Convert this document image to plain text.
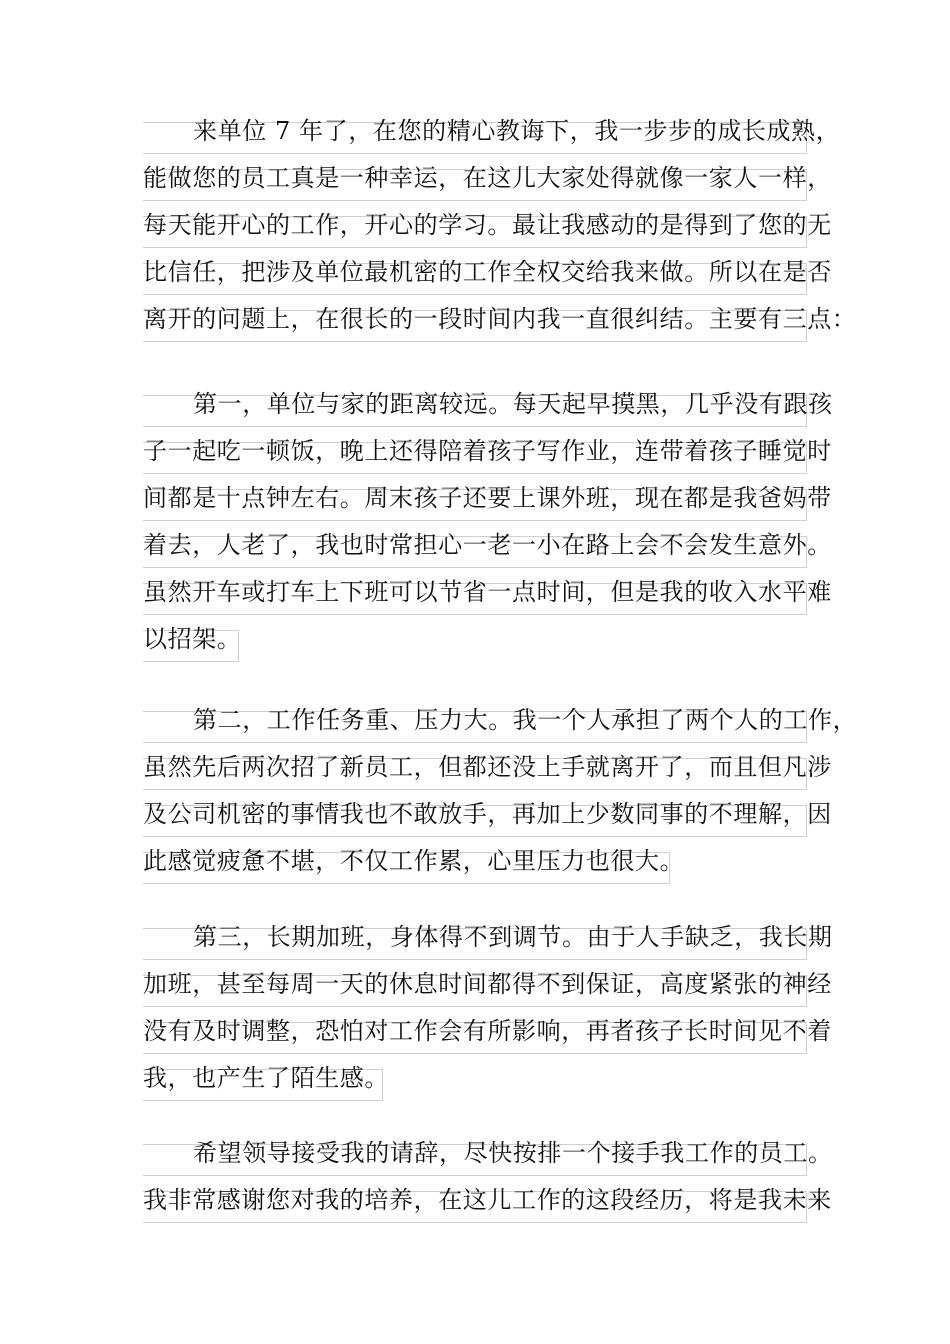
来单位 7 年了，在您的精心教诲下，我一步步的成长成熟，
能做您的员工真是一种幸运，在这儿大家处得就像一家人一样，
每天能开心的工作，开心的学习。最让我感动的是得到了您的无
比信任，把涉及单位最机密的工作全权交给我来做。所以在是否
离开的问题上，在很长的一段时间内我一直很纠结。主要有三点：
第一，单位与家的距离较远。每天起早摸黑，几乎没有跟孩
子一起吃一顿饭，晚上还得陪着孩子写作业，连带着孩子睡觉时
间都是十点钟左右。周末孩子还要上课外班，现在都是我爸妈带
着去，人老了，我也时常担心一老一小在路上会不会发生意外。
虽然开车或打车上下班可以节省一点时间，但是我的收入水平难
以招架。
第二，工作任务重、压力大。我一个人承担了两个人的工作，
虽然先后两次招了新员工，但都还没上手就离开了，而且但凡涉
及公司机密的事情我也不敢放手，再加上少数同事的不理解，因
此感觉疲惫不堪，不仅工作累，心里压力也很大。
第三，长期加班，身体得不到调节。由于人手缺乏，我长期
加班，甚至每周一天的休息时间都得不到保证，高度紧张的神经
没有及时调整，恐怕对工作会有所影响，再者孩子长时间见不着
我，也产生了陌生感。
希望领导接受我的请辞，尽快按排一个接手我工作的员工。
我非常感谢您对我的培养，在这儿工作的这段经历，将是我未来
